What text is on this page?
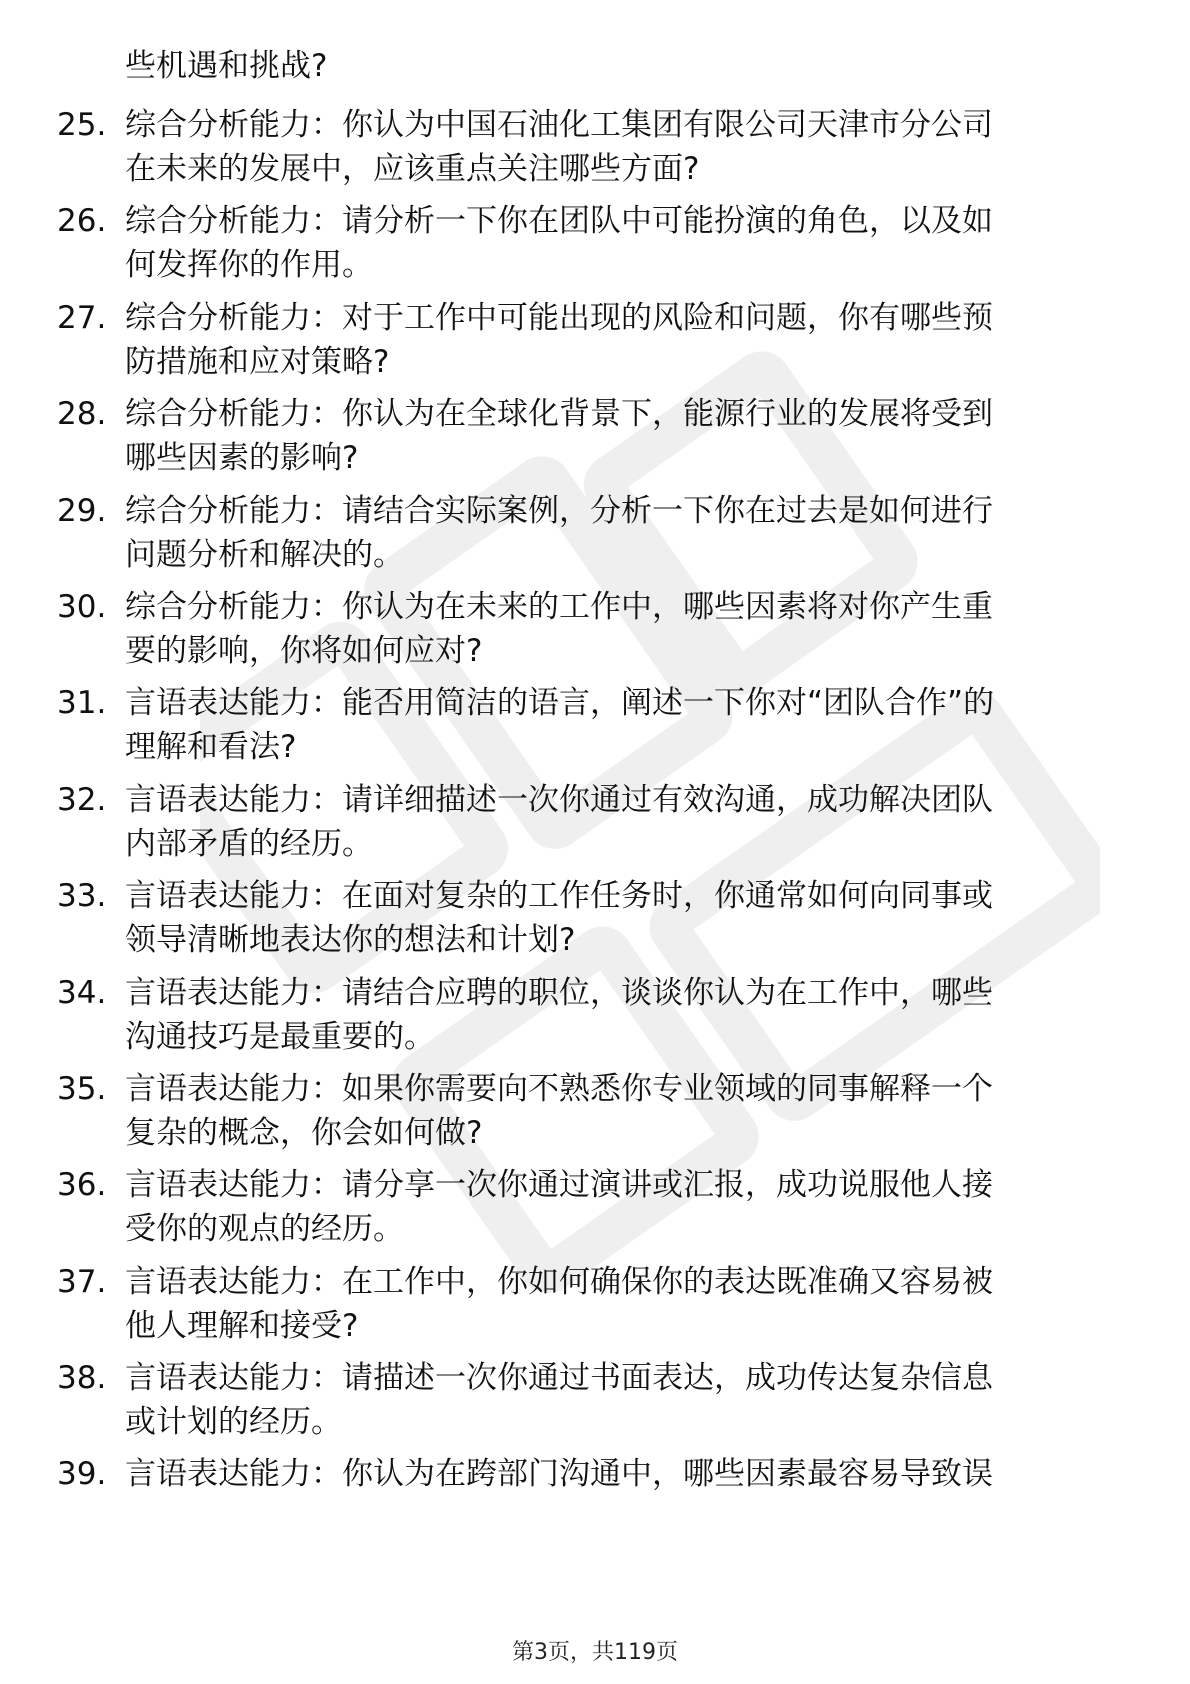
些机遇和挑战?
25. 综合分析能力：你认为中国石油化工集团有限公司天津市分公司
在未来的发展中，应该重点关注哪些方面?
26. 综合分析能力：请分析一下你在团队中可能扮演的角色，以及如
何发挥你的作用。
27. 综合分析能力：对于工作中可能出现的风险和问题，你有哪些预
防措施和应对策略?
28. 综合分析能力：你认为在全球化背景下，能源行业的发展将受到
哪些因素的影响?
29. 综合分析能力：请结合实际案例，分析一下你在过去是如何进行
问题分析和解决的。
30. 综合分析能力：你认为在未来的工作中，哪些因素将对你产生重
要的影响，你将如何应对?
31. 言语表达能力：能否用简洁的语言，阐述一下你对“团队合作”的
理解和看法?
32. 言语表达能力：请详细描述一次你通过有效沟通，成功解决团队
内部矛盾的经历。
33. 言语表达能力：在面对复杂的工作任务时，你通常如何向同事或
领导清晰地表达你的想法和计划?
34. 言语表达能力：请结合应聘的职位，谈谈你认为在工作中，哪些
沟通技巧是最重要的。
35. 言语表达能力：如果你需要向不熟悉你专业领域的同事解释一个
复杂的概念，你会如何做?
36. 言语表达能力：请分享一次你通过演讲或汇报，成功说服他人接
受你的观点的经历。
37. 言语表达能力：在工作中，你如何确保你的表达既准确又容易被
他人理解和接受?
38. 言语表达能力：请描述一次你通过书面表达，成功传达复杂信息
或计划的经历。
39. 言语表达能力：你认为在跨部门沟通中，哪些因素最容易导致误
第3页，共119页
